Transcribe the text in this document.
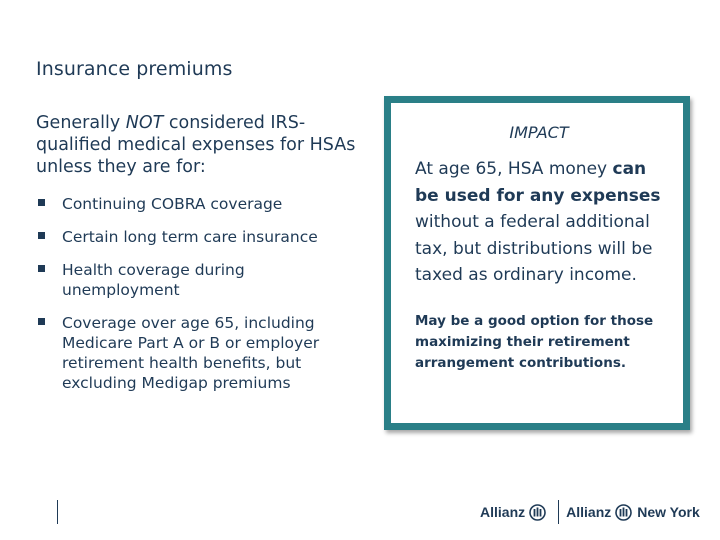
Insurance premiums

Generally NOT considered IRS-qualified medical expenses for HSAs unless they are for:

Continuing COBRA coverage
Certain long term care insurance
Health coverage during unemployment
Coverage over age 65, including Medicare Part A or B or employer retirement health benefits, but excluding Medigap premiums
IMPACT

At age 65, HSA money can be used for any expenses without a federal additional tax, but distributions will be taxed as ordinary income.

May be a good option for those maximizing their retirement arrangement contributions.

Allianz	Allianz New York
